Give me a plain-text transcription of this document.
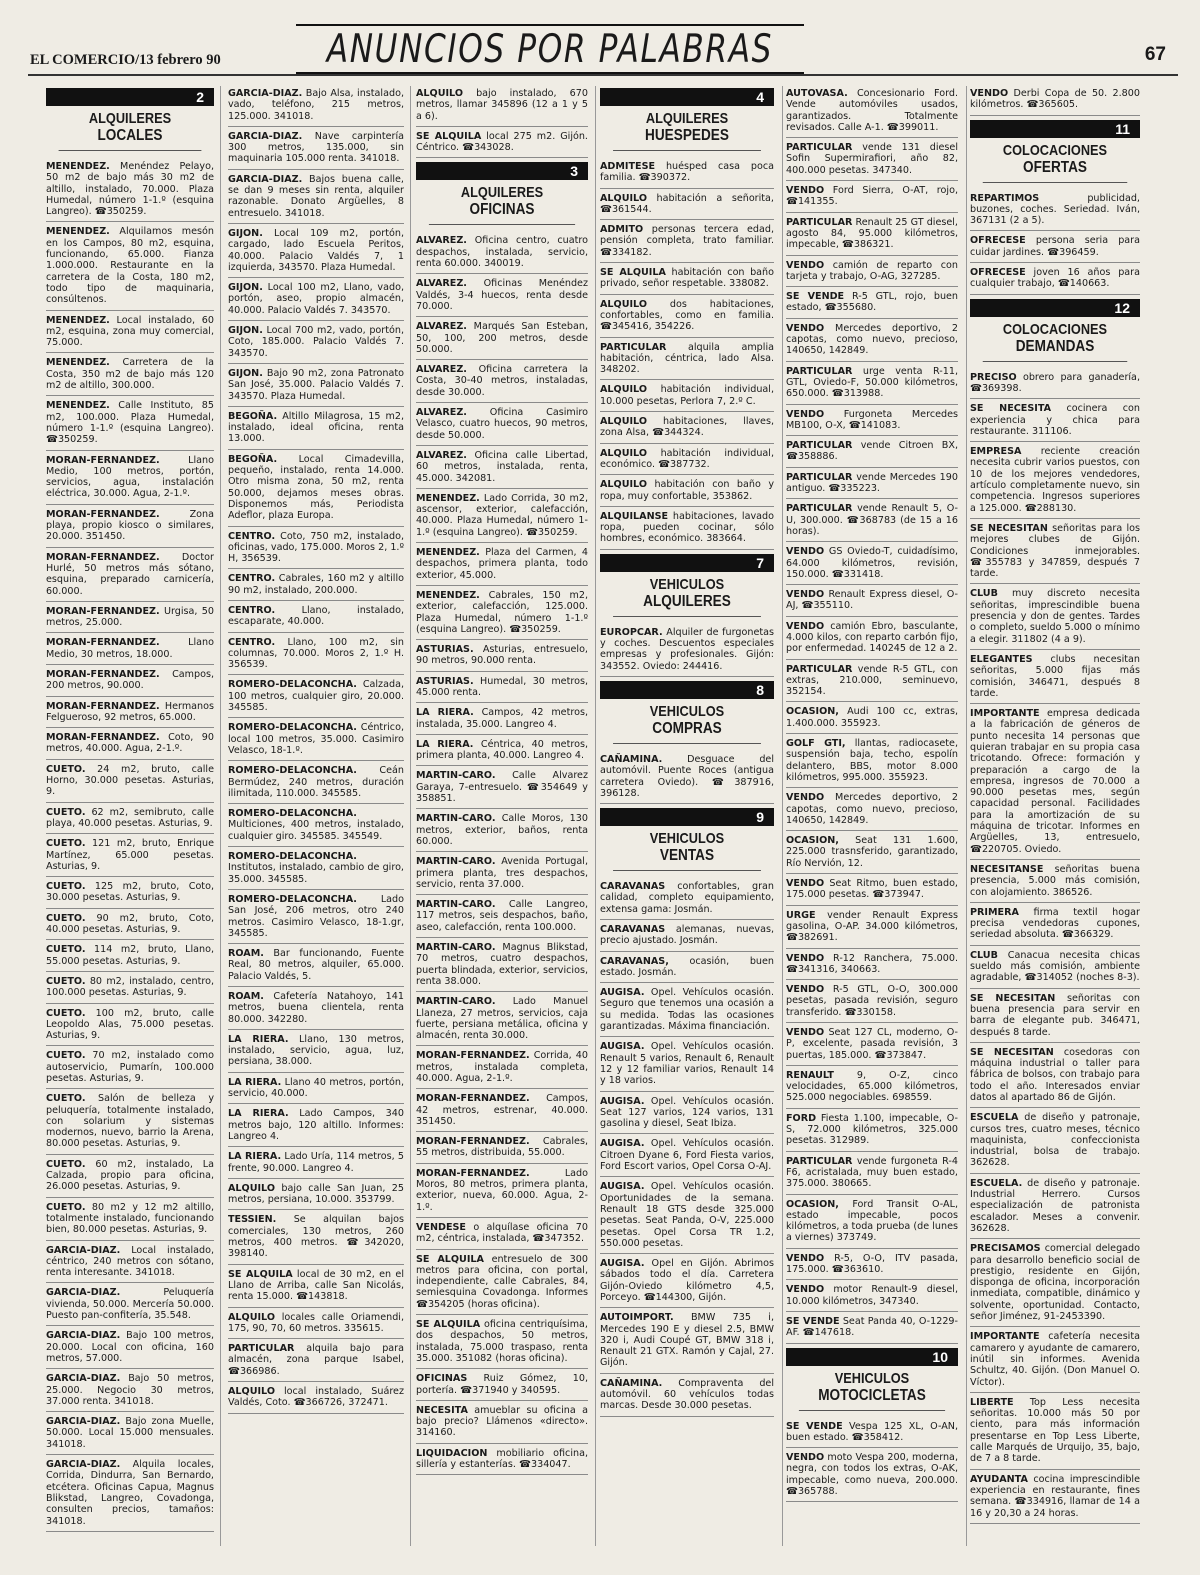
EL COMERCIO/13 febrero 90	ANUNCIOS POR PALABRAS	67
2
ALQUILERES
LOCALES
MENENDEZ. Menéndez Pelayo, 50 m2 de bajo más 30 m2 de altillo, instalado, 70.000. Plaza Humedal, número 1-1.º (esquina Langreo). ☎350259.
MENENDEZ. Alquilamos mesón en los Campos, 80 m2, esquina, funcionando, 65.000. Fianza 1.000.000. Restaurante en la carretera de la Costa, 180 m2, todo tipo de maquinaria, consúltenos.
MENENDEZ. Local instalado, 60 m2, esquina, zona muy comercial, 75.000.
MENENDEZ. Carretera de la Costa, 350 m2 de bajo más 120 m2 de altillo, 300.000.
MENENDEZ. Calle Instituto, 85 m2, 100.000. Plaza Humedal, número 1-1.º (esquina Langreo). ☎350259.
MORAN-FERNANDEZ. Llano Medio, 100 metros, portón, servicios, agua, instalación eléctrica, 30.000. Agua, 2-1.º.
MORAN-FERNANDEZ. Zona playa, propio kiosco o similares, 20.000. 351450.
MORAN-FERNANDEZ. Doctor Hurlé, 50 metros más sótano, esquina, preparado carnicería, 60.000.
MORAN-FERNANDEZ. Urgisa, 50 metros, 25.000.
MORAN-FERNANDEZ. Llano Medio, 30 metros, 18.000.
MORAN-FERNANDEZ. Campos, 200 metros, 90.000.
MORAN-FERNANDEZ. Hermanos Felgueroso, 92 metros, 65.000.
MORAN-FERNANDEZ. Coto, 90 metros, 40.000. Agua, 2-1.º.
CUETO. 24 m2, bruto, calle Horno, 30.000 pesetas. Asturias, 9.
CUETO. 62 m2, semibruto, calle playa, 40.000 pesetas. Asturias, 9.
CUETO. 121 m2, bruto, Enrique Martínez, 65.000 pesetas. Asturias, 9.
CUETO. 125 m2, bruto, Coto, 30.000 pesetas. Asturias, 9.
CUETO. 90 m2, bruto, Coto, 40.000 pesetas. Asturias, 9.
CUETO. 114 m2, bruto, Llano, 55.000 pesetas. Asturias, 9.
CUETO. 80 m2, instalado, centro, 100.000 pesetas. Asturias, 9.
CUETO. 100 m2, bruto, calle Leopoldo Alas, 75.000 pesetas. Asturias, 9.
CUETO. 70 m2, instalado como autoservicio, Pumarín, 100.000 pesetas. Asturias, 9.
CUETO. Salón de belleza y peluquería, totalmente instalado, con solarium y sistemas modernos, nuevo, barrio la Arena, 80.000 pesetas. Asturias, 9.
CUETO. 60 m2, instalado, La Calzada, propio para oficina, 26.000 pesetas. Asturias, 9.
CUETO. 80 m2 y 12 m2 altillo, totalmente instalado, funcionando bien, 80.000 pesetas. Asturias, 9.
GARCIA-DIAZ. Local instalado, céntrico, 240 metros con sótano, renta interesante. 341018.
GARCIA-DIAZ. Peluquería vivienda, 50.000. Mercería 50.000. Puesto pan-confitería, 35.548.
GARCIA-DIAZ. Bajo 100 metros, 20.000. Local con oficina, 160 metros, 57.000.
GARCIA-DIAZ. Bajo 50 metros, 25.000. Negocio 30 metros, 37.000 renta. 341018.
GARCIA-DIAZ. Bajo zona Muelle, 50.000. Local 15.000 mensuales. 341018.
GARCIA-DIAZ. Alquila locales, Corrida, Dindurra, San Bernardo, etcétera. Oficinas Capua, Magnus Blikstad, Langreo, Covadonga, consulten precios, tamaños: 341018.
GARCIA-DIAZ. Bajo Alsa, instalado, vado, teléfono, 215 metros, 125.000. 341018.
GARCIA-DIAZ. Nave carpintería 300 metros, 135.000, sin maquinaria 105.000 renta. 341018.
GARCIA-DIAZ. Bajos buena calle, se dan 9 meses sin renta, alquiler razonable. Donato Argüelles, 8 entresuelo. 341018.
GIJON. Local 109 m2, portón, cargado, lado Escuela Peritos, 40.000. Palacio Valdés 7, 1 izquierda, 343570. Plaza Humedal.
GIJON. Local 100 m2, Llano, vado, portón, aseo, propio almacén, 40.000. Palacio Valdés 7. 343570.
GIJON. Local 700 m2, vado, portón, Coto, 185.000. Palacio Valdés 7. 343570.
GIJON. Bajo 90 m2, zona Patronato San José, 35.000. Palacio Valdés 7. 343570. Plaza Humedal.
BEGOÑA. Altillo Milagrosa, 15 m2, instalado, ideal oficina, renta 13.000.
BEGOÑA. Local Cimadevilla, pequeño, instalado, renta 14.000. Otro misma zona, 50 m2, renta 50.000, dejamos meses obras. Disponemos más, Periodista Adeflor, plaza Europa.
CENTRO. Coto, 750 m2, instalado, oficinas, vado, 175.000. Moros 2, 1.º H, 356539.
CENTRO. Cabrales, 160 m2 y altillo 90 m2, instalado, 200.000.
CENTRO. Llano, instalado, escaparate, 40.000.
CENTRO. Llano, 100 m2, sin columnas, 70.000. Moros 2, 1.º H. 356539.
ROMERO-DELACONCHA. Calzada, 100 metros, cualquier giro, 20.000. 345585.
ROMERO-DELACONCHA. Céntrico, local 100 metros, 35.000. Casimiro Velasco, 18-1.º.
ROMERO-DELACONCHA. Ceán Bermúdez, 240 metros, duración ilimitada, 110.000. 345585.
ROMERO-DELACONCHA. Multiciones, 400 metros, instalado, cualquier giro. 345585. 345549.
ROMERO-DELACONCHA. Institutos, instalado, cambio de giro, 35.000. 345585.
ROMERO-DELACONCHA. Lado San José, 206 metros, otro 240 metros. Casimiro Velasco, 18-1.gr, 345585.
ROAM. Bar funcionando, Fuente Real, 80 metros, alquiler, 65.000. Palacio Valdés, 5.
ROAM. Cafetería Natahoyo, 141 metros, buena clientela, renta 80.000. 342280.
LA RIERA. Llano, 130 metros, instalado, servicio, agua, luz, persiana, 38.000.
LA RIERA. Llano 40 metros, portón, servicio, 40.000.
LA RIERA. Lado Campos, 340 metros bajo, 120 altillo. Informes: Langreo 4.
LA RIERA. Lado Uría, 114 metros, 5 frente, 90.000. Langreo 4.
ALQUILO bajo calle San Juan, 25 metros, persiana, 10.000. 353799.
TESSIEN. Se alquilan bajos comerciales, 130 metros, 260 metros, 400 metros. ☎342020, 398140.
SE ALQUILA local de 30 m2, en el Llano de Arriba, calle San Nicolás, renta 15.000. ☎143818.
ALQUILO locales calle Oriamendi, 175, 90, 70, 60 metros. 335615.
PARTICULAR alquila bajo para almacén, zona parque Isabel, ☎366986.
ALQUILO local instalado, Suárez Valdés, Coto. ☎366726, 372471.
ALQUILO bajo instalado, 670 metros, llamar 345896 (12 a 1 y 5 a 6).
SE ALQUILA local 275 m2. Gijón. Céntrico. ☎343028.
3
ALQUILERES
OFICINAS
ALVAREZ. Oficina centro, cuatro despachos, instalada, servicio, renta 60.000. 340019.
ALVAREZ. Oficinas Menéndez Valdés, 3-4 huecos, renta desde 70.000.
ALVAREZ. Marqués San Esteban, 50, 100, 200 metros, desde 50.000.
ALVAREZ. Oficina carretera la Costa, 30-40 metros, instaladas, desde 30.000.
ALVAREZ. Oficina Casimiro Velasco, cuatro huecos, 90 metros, desde 50.000.
ALVAREZ. Oficina calle Libertad, 60 metros, instalada, renta, 45.000. 342081.
MENENDEZ. Lado Corrida, 30 m2, ascensor, exterior, calefacción, 40.000. Plaza Humedal, número 1-1.º (esquina Langreo). ☎350259.
MENENDEZ. Plaza del Carmen, 4 despachos, primera planta, todo exterior, 45.000.
MENENDEZ. Cabrales, 150 m2, exterior, calefacción, 125.000. Plaza Humedal, número 1-1.º (esquina Langreo). ☎350259.
ASTURIAS. Asturias, entresuelo, 90 metros, 90.000 renta.
ASTURIAS. Humedal, 30 metros, 45.000 renta.
LA RIERA. Campos, 42 metros, instalada, 35.000. Langreo 4.
LA RIERA. Céntrica, 40 metros, primera planta, 40.000. Langreo 4.
MARTIN-CARO. Calle Alvarez Garaya, 7-entresuelo. ☎354649 y 358851.
MARTIN-CARO. Calle Moros, 130 metros, exterior, baños, renta 60.000.
MARTIN-CARO. Avenida Portugal, primera planta, tres despachos, servicio, renta 37.000.
MARTIN-CARO. Calle Langreo, 117 metros, seis despachos, baño, aseo, calefacción, renta 100.000.
MARTIN-CARO. Magnus Blikstad, 70 metros, cuatro despachos, puerta blindada, exterior, servicios, renta 38.000.
MARTIN-CARO. Lado Manuel Llaneza, 27 metros, servicios, caja fuerte, persiana metálica, oficina y almacén, renta 30.000.
MORAN-FERNANDEZ. Corrida, 40 metros, instalada completa, 40.000. Agua, 2-1.º.
MORAN-FERNANDEZ. Campos, 42 metros, estrenar, 40.000. 351450.
MORAN-FERNANDEZ. Cabrales, 55 metros, distribuida, 55.000.
MORAN-FERNANDEZ. Lado Moros, 80 metros, primera planta, exterior, nueva, 60.000. Agua, 2-1.º.
VENDESE o alquílase oficina 70 m2, céntrica, instalada, ☎347352.
SE ALQUILA entresuelo de 300 metros para oficina, con portal, independiente, calle Cabrales, 84, semiesquina Covadonga. Informes ☎354205 (horas oficina).
SE ALQUILA oficina centriquísima, dos despachos, 50 metros, instalada, 75.000 traspaso, renta 35.000. 351082 (horas oficina).
OFICINAS Ruiz Gómez, 10, portería. ☎371940 y 340595.
NECESITA amueblar su oficina a bajo precio? Llámenos «directo». 314160.
LIQUIDACION mobiliario oficina, sillería y estanterías. ☎334047.
4
ALQUILERES
HUESPEDES
ADMITESE huésped casa poca familia. ☎390372.
ALQUILO habitación a señorita, ☎361544.
ADMITO personas tercera edad, pensión completa, trato familiar. ☎334182.
SE ALQUILA habitación con baño privado, señor respetable. 338082.
ALQUILO dos habitaciones, confortables, como en familia. ☎345416, 354226.
PARTICULAR alquila amplia habitación, céntrica, lado Alsa. 348202.
ALQUILO habitación individual, 10.000 pesetas, Perlora 7, 2.º C.
ALQUILO habitaciones, llaves, zona Alsa, ☎344324.
ALQUILO habitación individual, económico. ☎387732.
ALQUILO habitación con baño y ropa, muy confortable, 353862.
ALQUILANSE habitaciones, lavado ropa, pueden cocinar, sólo hombres, económico. 383664.
7
VEHICULOS
ALQUILERES
EUROPCAR. Alquiler de furgonetas y coches. Descuentos especiales empresas y profesionales. Gijón: 343552. Oviedo: 244416.
8
VEHICULOS
COMPRAS
CAÑAMINA. Desguace del automóvil. Puente Roces (antigua carretera Oviedo). ☎387916, 396128.
9
VEHICULOS
VENTAS
CARAVANAS confortables, gran calidad, completo equipamiento, extensa gama: Josmán.
CARAVANAS alemanas, nuevas, precio ajustado. Josmán.
CARAVANAS, ocasión, buen estado. Josmán.
AUGISA. Opel. Vehículos ocasión. Seguro que tenemos una ocasión a su medida. Todas las ocasiones garantizadas. Máxima financiación.
AUGISA. Opel. Vehículos ocasión. Renault 5 varios, Renault 6, Renault 12 y 12 familiar varios, Renault 14 y 18 varios.
AUGISA. Opel. Vehículos ocasión. Seat 127 varios, 124 varios, 131 gasolina y diesel, Seat Ibiza.
AUGISA. Opel. Vehículos ocasión. Citroen Dyane 6, Ford Fiesta varios, Ford Escort varios, Opel Corsa O-AJ.
AUGISA. Opel. Vehículos ocasión. Oportunidades de la semana. Renault 18 GTS desde 325.000 pesetas. Seat Panda, O-V, 225.000 pesetas. Opel Corsa TR 1.2, 550.000 pesetas.
AUGISA. Opel en Gijón. Abrimos sábados todo el día. Carretera Gijón-Oviedo kilómetro 4,5, Porceyo. ☎144300, Gijón.
AUTOIMPORT. BMW 735 i, Mercedes 190 E y diesel 2.5, BMW 320 i, Audi Coupé GT, BMW 318 i, Renault 21 GTX. Ramón y Cajal, 27. Gijón.
CAÑAMINA. Compraventa del automóvil. 60 vehículos todas marcas. Desde 30.000 pesetas.
AUTOVASA. Concesionario Ford. Vende automóviles usados, garantizados. Totalmente revisados. Calle A-1. ☎399011.
PARTICULAR vende 131 diesel Sofin Supermirafiori, año 82, 400.000 pesetas. 347340.
VENDO Ford Sierra, O-AT, rojo, ☎141355.
PARTICULAR Renault 25 GT diesel, agosto 84, 95.000 kilómetros, impecable, ☎386321.
VENDO camión de reparto con tarjeta y trabajo, O-AG, 327285.
SE VENDE R-5 GTL, rojo, buen estado, ☎355680.
VENDO Mercedes deportivo, 2 capotas, como nuevo, precioso, 140650, 142849.
PARTICULAR urge venta R-11, GTL, Oviedo-F, 50.000 kilómetros, 650.000. ☎313988.
VENDO Furgoneta Mercedes MB100, O-X, ☎141083.
PARTICULAR vende Citroen BX, ☎358886.
PARTICULAR vende Mercedes 190 antiguo. ☎335223.
PARTICULAR vende Renault 5, O-U, 300.000. ☎368783 (de 15 a 16 horas).
VENDO GS Oviedo-T, cuidadísimo, 64.000 kilómetros, revisión, 150.000. ☎331418.
VENDO Renault Express diesel, O-AJ, ☎355110.
VENDO camión Ebro, basculante, 4.000 kilos, con reparto carbón fijo, por enfermedad. 140245 de 12 a 2.
PARTICULAR vende R-5 GTL, con extras, 210.000, seminuevo, 352154.
OCASION, Audi 100 cc, extras, 1.400.000. 355923.
GOLF GTI, llantas, radiocasete, suspensión baja, techo, espolín delantero, BBS, motor 8.000 kilómetros, 995.000. 355923.
VENDO Mercedes deportivo, 2 capotas, como nuevo, precioso, 140650, 142849.
OCASION, Seat 131 1.600, 225.000 trasnsferido, garantizado, Río Nervión, 12.
VENDO Seat Ritmo, buen estado, 175.000 pesetas. ☎373947.
URGE vender Renault Express gasolina, O-AP. 34.000 kilómetros, ☎382691.
VENDO R-12 Ranchera, 75.000. ☎341316, 340663.
VENDO R-5 GTL, O-O, 300.000 pesetas, pasada revisión, seguro transferido. ☎330158.
VENDO Seat 127 CL, moderno, O-P, excelente, pasada revisión, 3 puertas, 185.000. ☎373847.
RENAULT 9, O-Z, cinco velocidades, 65.000 kilómetros, 525.000 negociables. 698559.
FORD Fiesta 1.100, impecable, O-S, 72.000 kilómetros, 325.000 pesetas. 312989.
PARTICULAR vende furgoneta R-4 F6, acristalada, muy buen estado, 375.000. 380665.
OCASION, Ford Transit O-AL, estado impecable, pocos kilómetros, a toda prueba (de lunes a viernes) 373749.
VENDO R-5, O-O, ITV pasada, 175.000. ☎363610.
VENDO motor Renault-9 diesel, 10.000 kilómetros, 347340.
SE VENDE Seat Panda 40, O-1229-AF. ☎147618.
10
VEHICULOS
MOTOCICLETAS
SE VENDE Vespa 125 XL, O-AN, buen estado. ☎358412.
VENDO moto Vespa 200, moderna, negra, con todos los extras, O-AK, impecable, como nueva, 200.000. ☎365788.
VENDO Derbi Copa de 50. 2.800 kilómetros. ☎365605.
11
COLOCACIONES
OFERTAS
REPARTIMOS publicidad, buzones, coches. Seriedad. Iván, 367131 (2 a 5).
OFRECESE persona seria para cuidar jardines. ☎396459.
OFRECESE joven 16 años para cualquier trabajo, ☎140663.
12
COLOCACIONES
DEMANDAS
PRECISO obrero para ganadería, ☎369398.
SE NECESITA cocinera con experiencia y chica para restaurante. 311106.
EMPRESA reciente creación necesita cubrir varios puestos, con 10 de los mejores vendedores, artículo completamente nuevo, sin competencia. Ingresos superiores a 125.000. ☎288130.
SE NECESITAN señoritas para los mejores clubes de Gijón. Condiciones inmejorables. ☎355783 y 347859, después 7 tarde.
CLUB muy discreto necesita señoritas, imprescindible buena presencia y don de gentes. Tardes o completo, sueldo 5.000 o mínimo a elegir. 311802 (4 a 9).
ELEGANTES clubs necesitan señoritas, 5.000 fijas más comisión, 346471, después 8 tarde.
IMPORTANTE empresa dedicada a la fabricación de géneros de punto necesita 14 personas que quieran trabajar en su propia casa tricotando. Ofrece: formación y preparación a cargo de la empresa, ingresos de 70.000 a 90.000 pesetas mes, según capacidad personal. Facilidades para la amortización de su máquina de tricotar. Informes en Argüelles, 13, entresuelo, ☎220705. Oviedo.
NECESITANSE señoritas buena presencia, 5.000 más comisión, con alojamiento. 386526.
PRIMERA firma textil hogar precisa vendedoras cupones, seriedad absoluta. ☎366329.
CLUB Canacua necesita chicas sueldo más comisión, ambiente agradable, ☎314052 (noches 8-3).
SE NECESITAN señoritas con buena presencia para servir en barra de elegante pub. 346471, después 8 tarde.
SE NECESITAN cosedoras con máquina industrial o taller para fábrica de bolsos, con trabajo para todo el año. Interesados enviar datos al apartado 86 de Gijón.
ESCUELA de diseño y patronaje, cursos tres, cuatro meses, técnico maquinista, confeccionista industrial, bolsa de trabajo. 362628.
ESCUELA. de diseño y patronaje. Industrial Herrero. Cursos especialización de patronista escalador. Meses a convenir. 362628.
PRECISAMOS comercial delegado para desarrollo beneficio social de prestigio, residente en Gijón, disponga de oficina, incorporación inmediata, compatible, dinámico y solvente, oportunidad. Contacto, señor Jiménez, 91-2453390.
IMPORTANTE cafetería necesita camarero y ayudante de camarero, inútil sin informes. Avenida Schultz, 40. Gijón. (Don Manuel O. Víctor).
LIBERTE Top Less necesita señoritas. 10.000 más 50 por ciento, para más información presentarse en Top Less Liberte, calle Marqués de Urquijo, 35, bajo, de 7 a 8 tarde.
AYUDANTA cocina imprescindible experiencia en restaurante, fines semana. ☎334916, llamar de 14 a 16 y 20,30 a 24 horas.
